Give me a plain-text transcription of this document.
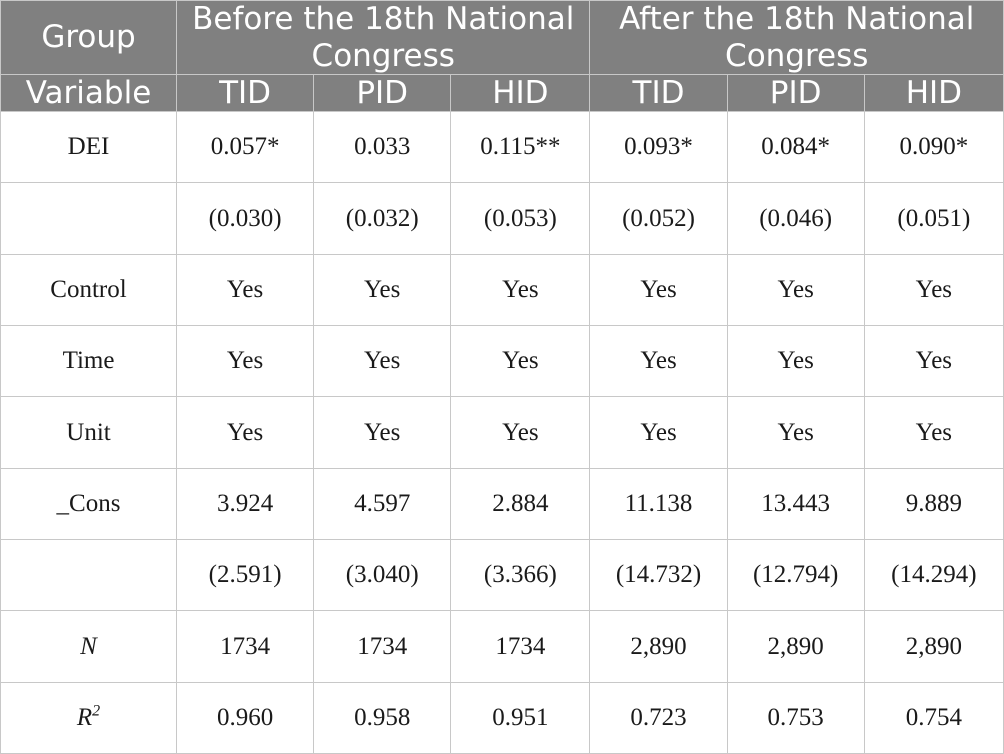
Group	Before the 18th National Congress			After the 18th National Congress		
Variable	TID	PID	HID	TID	PID	HID
DEI	0.057*	0.033	0.115**	0.093*	0.084*	0.090*
	(0.030)	(0.032)	(0.053)	(0.052)	(0.046)	(0.051)
Control	Yes	Yes	Yes	Yes	Yes	Yes
Time	Yes	Yes	Yes	Yes	Yes	Yes
Unit	Yes	Yes	Yes	Yes	Yes	Yes
_Cons	3.924	4.597	2.884	11.138	13.443	9.889
	(2.591)	(3.040)	(3.366)	(14.732)	(12.794)	(14.294)
N	1734	1734	1734	2,890	2,890	2,890
$R^2$	0.960	0.958	0.951	0.723	0.753	0.754
